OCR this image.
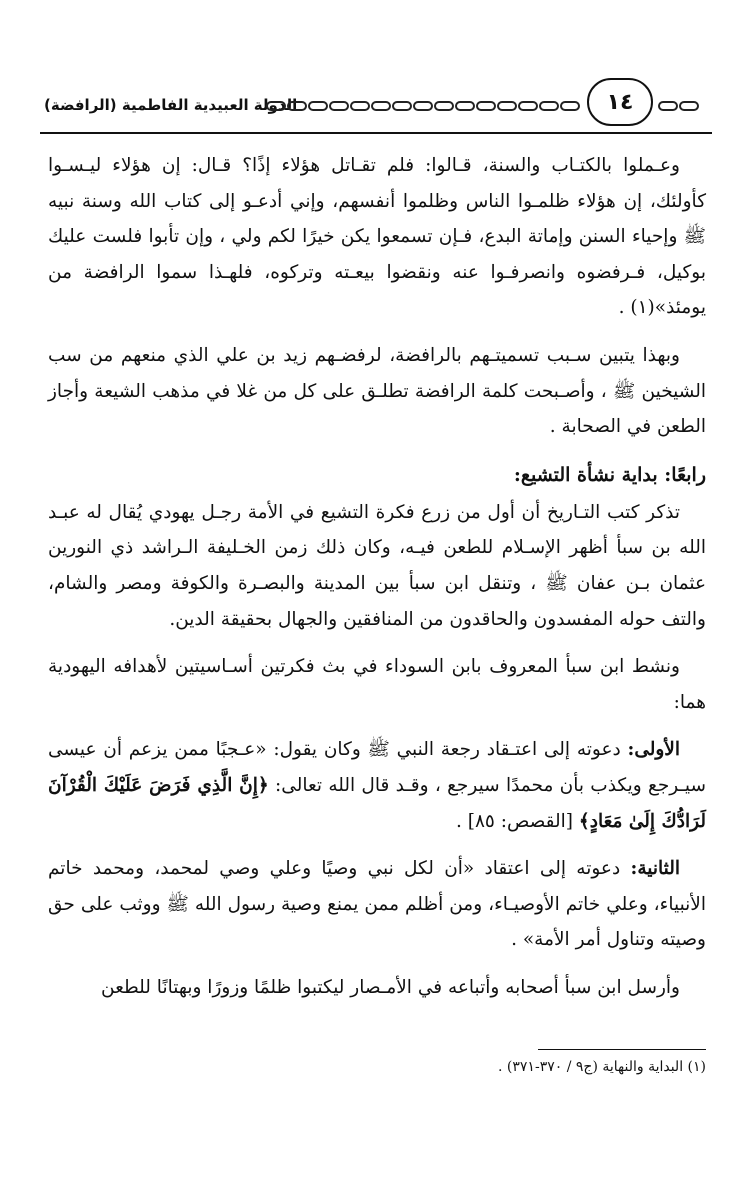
الدولة العبيدية الفاطمية (الرافضة)	١٤

وعـملوا بالكتـاب والسنة، قـالوا: فلم تقـاتل هؤلاء إذًا؟ قـال: إن هؤلاء ليـسـوا كأولئك، إن هؤلاء ظلمـوا الناس وظلموا أنفسهم، وإني أدعـو إلى كتاب الله وسنة نبيه ﷺ وإحياء السنن وإماتة البدع، فـإن تسمعوا يكن خيرًا لكم ولي ، وإن تأبوا فلست عليك بوكيل، فـرفضوه وانصرفـوا عنه ونقضوا بيعـته وتركوه، فلهـذا سموا الرافضة من يومئذ»(١) .

وبهذا يتبين سـبب تسميتـهم بالرافضة، لرفضـهم زيد بن علي الذي منعهم من سب الشيخين ﷺ ، وأصـبحت كلمة الرافضة تطلـق على كل من غلا في مذهب الشيعة وأجاز الطعن في الصحابة .

رابعًا: بداية نشأة التشيع:

تذكر كتب التـاريخ أن أول من زرع فكرة التشيع في الأمة رجـل يهودي يُقال له عبـد الله بن سبأ أظهر الإسـلام للطعن فيـه، وكان ذلك زمن الخـليفة الـراشد ذي النورين عثمان بـن عفان ﷺ ، وتنقل ابن سبأ بين المدينة والبصـرة والكوفة ومصر والشام، والتف حوله المفسدون والحاقدون من المنافقين والجهال بحقيقة الدين.

ونشط ابن سبأ المعروف بابن السوداء في بث فكرتين أسـاسيتين لأهدافه اليهودية هما:

الأولى: دعوته إلى اعتـقاد رجعة النبي ﷺ وكان يقول: «عـجبًا ممن يزعم أن عيسى سيـرجع ويكذب بأن محمدًا سيرجع ، وقـد قال الله تعالى: ﴿إِنَّ الَّذِي فَرَضَ عَلَيْكَ الْقُرْآنَ لَرَادُّكَ إِلَىٰ مَعَادٍ﴾ [القصص: ٨٥] .

الثانية: دعوته إلى اعتقاد «أن لكل نبي وصيًا وعلي وصي لمحمد، ومحمد خاتم الأنبياء، وعلي خاتم الأوصيـاء، ومن أظلم ممن يمنع وصية رسول الله ﷺ ووثب على حق وصيته وتناول أمر الأمة» .

وأرسل ابن سبأ أصحابه وأتباعه في الأمـصار ليكتبوا ظلمًا وزورًا وبهتانًا للطعن

(١) البداية والنهاية (ج٩ / ٣٧٠-٣٧١) .
